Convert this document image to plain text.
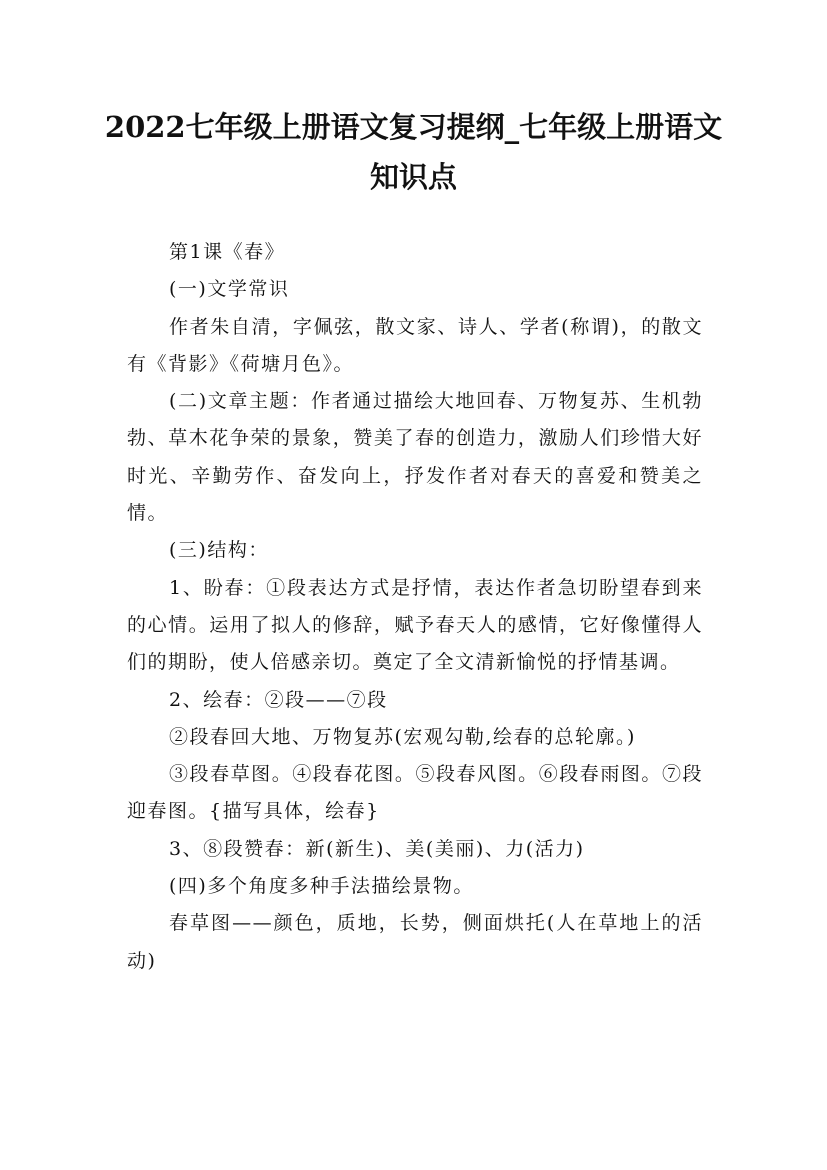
2022七年级上册语文复习提纲_七年级上册语文知识点

第1课《春》

(一)文学常识

作者朱自清，字佩弦，散文家、诗人、学者(称谓)，的散文有《背影》《荷塘月色》。

(二)文章主题：作者通过描绘大地回春、万物复苏、生机勃勃、草木花争荣的景象，赞美了春的创造力，激励人们珍惜大好时光、辛勤劳作、奋发向上，抒发作者对春天的喜爱和赞美之情。

(三)结构：

1、盼春：①段表达方式是抒情，表达作者急切盼望春到来的心情。运用了拟人的修辞，赋予春天人的感情，它好像懂得人们的期盼，使人倍感亲切。奠定了全文清新愉悦的抒情基调。

2、绘春：②段——⑦段

②段春回大地、万物复苏(宏观勾勒,绘春的总轮廓。)

③段春草图。④段春花图。⑤段春风图。⑥段春雨图。⑦段迎春图。{描写具体，绘春}

3、⑧段赞春：新(新生)、美(美丽)、力(活力)

(四)多个角度多种手法描绘景物。

春草图——颜色，质地，长势，侧面烘托(人在草地上的活动)
